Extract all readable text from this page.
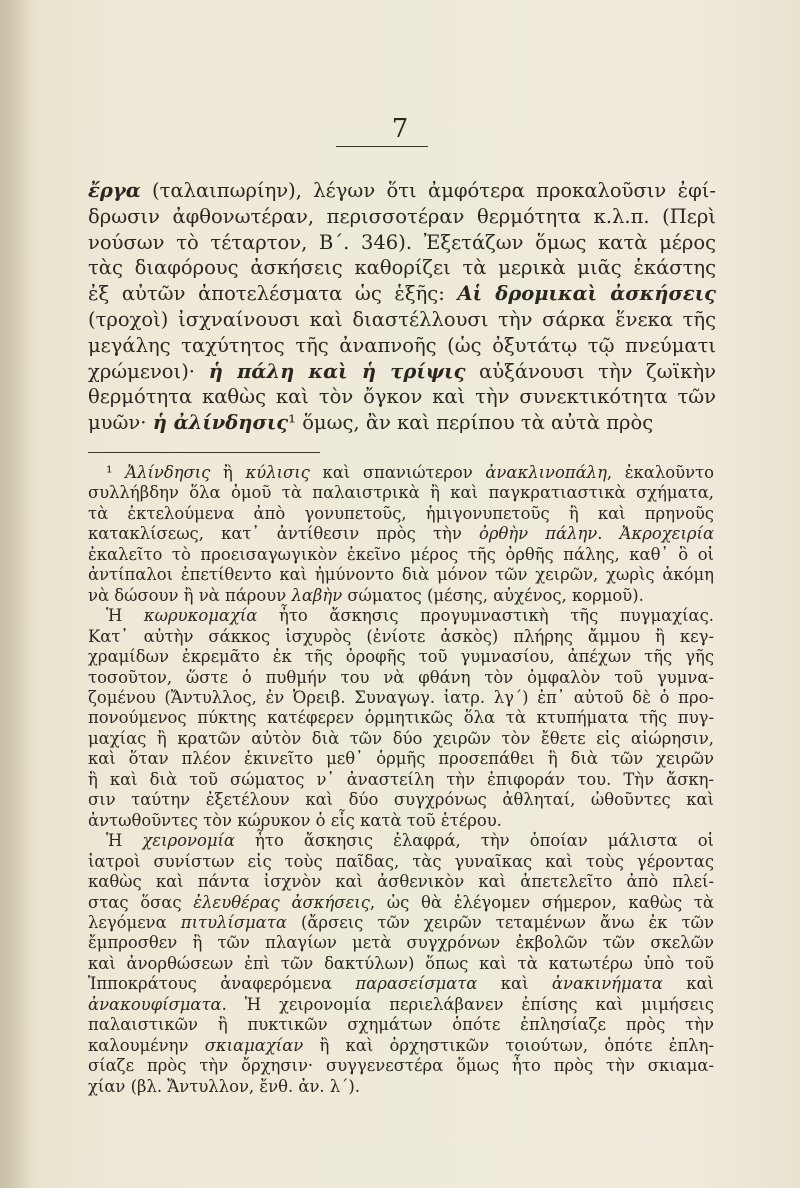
7
ἔργα (ταλαιπωρίην), λέγων ὅτι ἀμφότερα προκαλοῦσιν ἐφί-
δρωσιν ἀφθονωτέραν, περισσοτέραν θερμότητα κ.λ.π. (Περὶ
νούσων τὸ τέταρτον, Β΄. 346). Ἐξετάζων ὅμως κατὰ μέρος
τὰς διαφόρους ἀσκήσεις καθορίζει τὰ μερικὰ μιᾶς ἑκάστης
ἐξ αὐτῶν ἀποτελέσματα ὡς ἑξῆς: Αἱ δρομικαὶ ἀσκήσεις
(τροχοὶ) ἰσχναίνουσι καὶ διαστέλλουσι τὴν σάρκα ἕνεκα τῆς
μεγάλης ταχύτητος τῆς ἀναπνοῆς (ὡς ὀξυτάτῳ τῷ πνεύματι
χρώμενοι)· ἡ πάλη καὶ ἡ τρίψις αὐξάνουσι τὴν ζωϊκὴν
θερμότητα καθὼς καὶ τὸν ὄγκον καὶ τὴν συνεκτικότητα τῶν
μυῶν· ἡ ἀλίνδησις¹ ὅμως, ἂν καὶ περίπου τὰ αὐτὰ πρὸς
¹ Ἀλίνδησις ἢ κύλισις καὶ σπανιώτερον ἀνακλινοπάλη, ἐκαλοῦντο
συλλήβδην ὅλα ὁμοῦ τὰ παλαιστρικὰ ἢ καὶ παγκρατιαστικὰ σχήματα,
τὰ ἐκτελούμενα ἀπὸ γονυπετοῦς, ἡμιγονυπετοῦς ἢ καὶ πρηνοῦς
κατακλίσεως, κατ᾽ ἀντίθεσιν πρὸς τὴν ὀρθὴν πάλην. Ἀκροχειρία
ἐκαλεῖτο τὸ προεισαγωγικὸν ἐκεῖνο μέρος τῆς ὀρθῆς πάλης, καθ᾽ ὃ οἱ
ἀντίπαλοι ἐπετίθεντο καὶ ἠμύνοντο διὰ μόνον τῶν χειρῶν, χωρὶς ἀκόμη
νὰ δώσουν ἢ νὰ πάρουν λαβὴν σώματος (μέσης, αὐχένος, κορμοῦ).
Ἡ κωρυκομαχία ἦτο ἄσκησις προγυμναστικὴ τῆς πυγμαχίας.
Κατ᾽ αὐτὴν σάκκος ἰσχυρὸς (ἐνίοτε ἀσκὸς) πλήρης ἄμμου ἢ κεγ-
χραμίδων ἐκρεμᾶτο ἐκ τῆς ὀροφῆς τοῦ γυμνασίου, ἀπέχων τῆς γῆς
τοσοῦτον, ὥστε ὁ πυθμήν του νὰ φθάνη τὸν ὀμφαλὸν τοῦ γυμνα-
ζομένου (Ἄντυλλος, ἐν Ὀρειβ. Συναγωγ. ἰατρ. λγ΄) ἐπ᾽ αὐτοῦ δὲ ὁ προ-
πονούμενος πύκτης κατέφερεν ὁρμητικῶς ὅλα τὰ κτυπήματα τῆς πυγ-
μαχίας ἢ κρατῶν αὐτὸν διὰ τῶν δύο χειρῶν τὸν ἔθετε εἰς αἰώρησιν,
καὶ ὅταν πλέον ἐκινεῖτο μεθ᾽ ὁρμῆς προσεπάθει ἢ διὰ τῶν χειρῶν
ἢ καὶ διὰ τοῦ σώματος ν᾽ ἀναστείλη τὴν ἐπιφοράν του. Τὴν ἄσκη-
σιν ταύτην ἐξετέλουν καὶ δύο συγχρόνως ἀθληταί, ὠθοῦντες καὶ
ἀντωθοῦντες τὸν κώρυκον ὁ εἷς κατὰ τοῦ ἑτέρου.
Ἡ χειρονομία ἦτο ἄσκησις ἐλαφρά, τὴν ὁποίαν μάλιστα οἱ
ἰατροὶ συνίστων εἰς τοὺς παῖδας, τὰς γυναῖκας καὶ τοὺς γέροντας
καθὼς καὶ πάντα ἰσχνὸν καὶ ἀσθενικὸν καὶ ἀπετελεῖτο ἀπὸ πλεί-
στας ὅσας ἐλευθέρας ἀσκήσεις, ὡς θὰ ἐλέγομεν σήμερον, καθὼς τὰ
λεγόμενα πιτυλίσματα (ἄρσεις τῶν χειρῶν τεταμένων ἄνω ἐκ τῶν
ἔμπροσθεν ἢ τῶν πλαγίων μετὰ συγχρόνων ἐκβολῶν τῶν σκελῶν
καὶ ἀνορθώσεων ἐπὶ τῶν δακτύλων) ὅπως καὶ τὰ κατωτέρω ὑπὸ τοῦ
Ἱπποκράτους ἀναφερόμενα παρασείσματα καὶ ἀνακινήματα καὶ
ἀνακουφίσματα. Ἡ χειρονομία περιελάβανεν ἐπίσης καὶ μιμήσεις
παλαιστικῶν ἢ πυκτικῶν σχημάτων ὁπότε ἐπλησίαζε πρὸς τὴν
καλουμένην σκιαμαχίαν ἢ καὶ ὀρχηστικῶν τοιούτων, ὁπότε ἐπλη-
σίαζε πρὸς τὴν ὄρχησιν· συγγενεστέρα ὅμως ἦτο πρὸς τὴν σκιαμα-
χίαν (βλ. Ἄντυλλον, ἔνθ. ἀν. λ΄).
